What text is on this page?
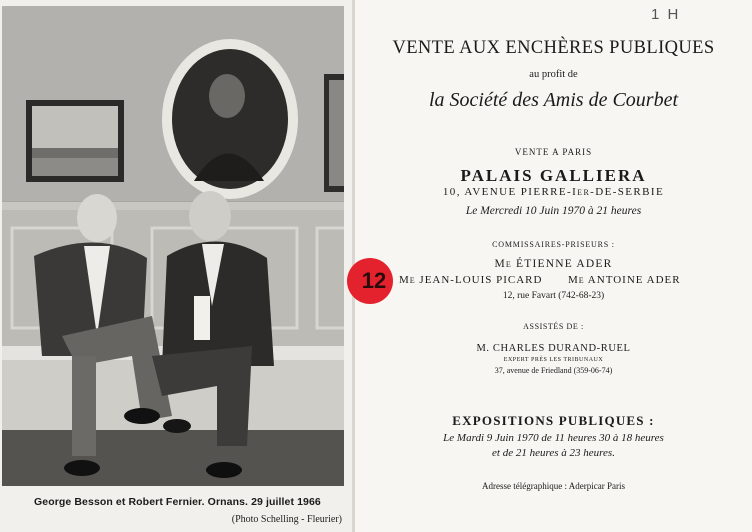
George Besson et Robert Fernier. Ornans. 29 juillet 1966
(Photo Schelling - Fleurier)
1 H
12
VENTE AUX ENCHÈRES PUBLIQUES
au profit de
la Société des Amis de Courbet
VENTE A PARIS
PALAIS GALLIERA
10, AVENUE PIERRE-Ier-DE-SERBIE
Le Mercredi 10 Juin 1970 à 21 heures
COMMISSAIRES-PRISEURS :
Me ÉTIENNE ADER
Me JEAN-LOUIS PICARD Me ANTOINE ADER
12, rue Favart (742-68-23)
ASSISTÉS DE :
M. CHARLES DURAND-RUEL
EXPERT PRÈS LES TRIBUNAUX
37, avenue de Friedland (359-06-74)
EXPOSITIONS PUBLIQUES :
Le Mardi 9 Juin 1970 de 11 heures 30 à 18 heures
et de 21 heures à 23 heures.
Adresse télégraphique : Aderpicar Paris
